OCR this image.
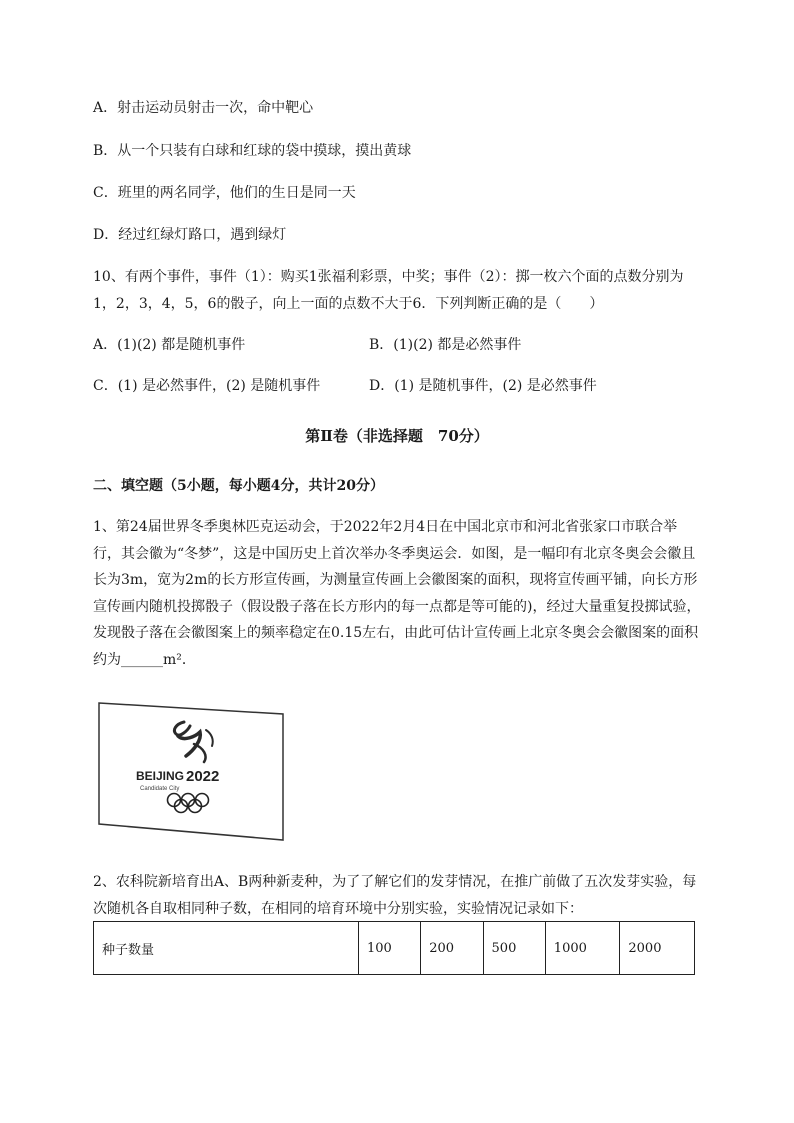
A．射击运动员射击一次，命中靶心
B．从一个只装有白球和红球的袋中摸球，摸出黄球
C．班里的两名同学，他们的生日是同一天
D．经过红绿灯路口，遇到绿灯
10、有两个事件，事件（1）：购买1张福利彩票，中奖；事件（2）：掷一枚六个面的点数分别为
1，2，3，4，5，6的骰子，向上一面的点数不大于6．下列判断正确的是（　　）
A．(1)(2) 都是随机事件	B．(1)(2) 都是必然事件
C．(1) 是必然事件，(2) 是随机事件	D．(1) 是随机事件，(2) 是必然事件
第Ⅱ卷（非选择题　70分）
二、填空题（5小题，每小题4分，共计20分）
1、第24届世界冬季奥林匹克运动会，于2022年2月4日在中国北京市和河北省张家口市联合举行，其会徽为“冬梦”，这是中国历史上首次举办冬季奥运会．如图，是一幅印有北京冬奥会会徽且长为3m，宽为2m的长方形宣传画，为测量宣传画上会徽图案的面积，现将宣传画平铺，向长方形宣传画内随机投掷骰子（假设骰子落在长方形内的每一点都是等可能的)，经过大量重复投掷试验，发现骰子落在会徽图案上的频率稳定在0.15左右，由此可估计宣传画上北京冬奥会会徽图案的面积约为______m²．
BEIJING 2022
Candidate City
2、农科院新培育出A、B两种新麦种，为了了解它们的发芽情况，在推广前做了五次发芽实验，每次随机各自取相同种子数，在相同的培育环境中分别实验，实验情况记录如下：
种子数量	100	200	500	1000	2000
